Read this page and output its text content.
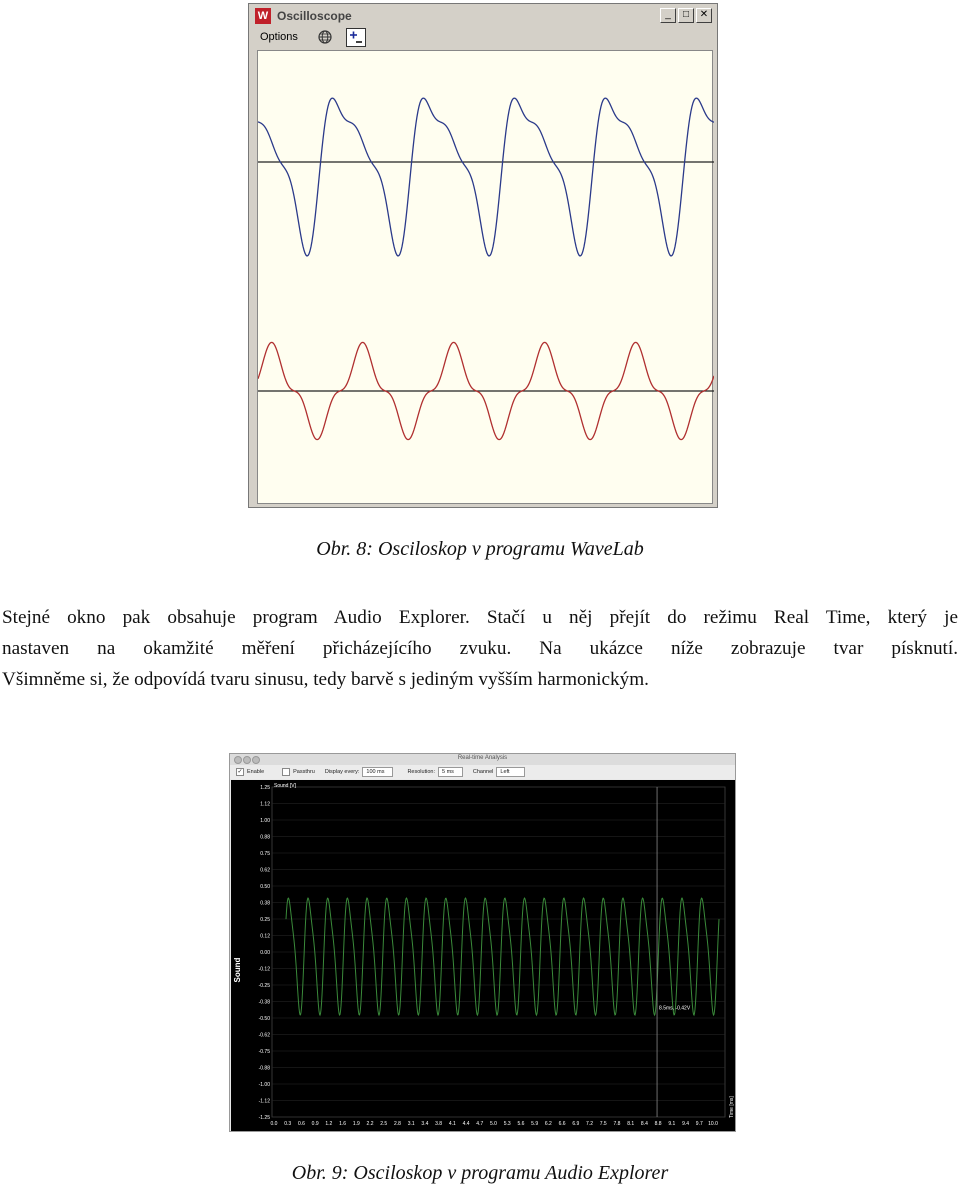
W Oscilloscope	_	□	✕
Options
Obr. 8: Osciloskop v programu WaveLab
Stejné okno pak obsahuje program Audio Explorer. Stačí u něj přejít do režimu Real Time, který je
nastaven na okamžité měření přicházejícího zvuku. Na ukázce níže zobrazuje tvar písknutí.
Všimněme si, že odpovídá tvaru sinusu, tedy barvě s jediným vyšším harmonickým.
Real-time Analysis
✓ Enable	Passthru Display every:	100 ms	Resolution:	5 ms	Channel	Left
1.25
1.12
1.00
0.88
0.75
0.62
0.50
0.38
0.25
0.12
0.00
-0.12
-0.25
-0.38
-0.50
-0.62
-0.75
-0.88
-1.00
-1.12
-1.25
0.0 0.3 0.6 0.9 1.2 1.6 1.9 2.2 2.5 2.8 3.1 3.4 3.8 4.1 4.4 4.7 5.0 5.3 5.6 5.9 6.2 6.6 6.9 7.2 7.5 7.8 8.1 8.4 8.8 9.1 9.4 9.7 10.0
Sound
Sound [V]
Time [ms]
8.5ms, -0.42V
Obr. 9: Osciloskop v programu Audio Explorer
